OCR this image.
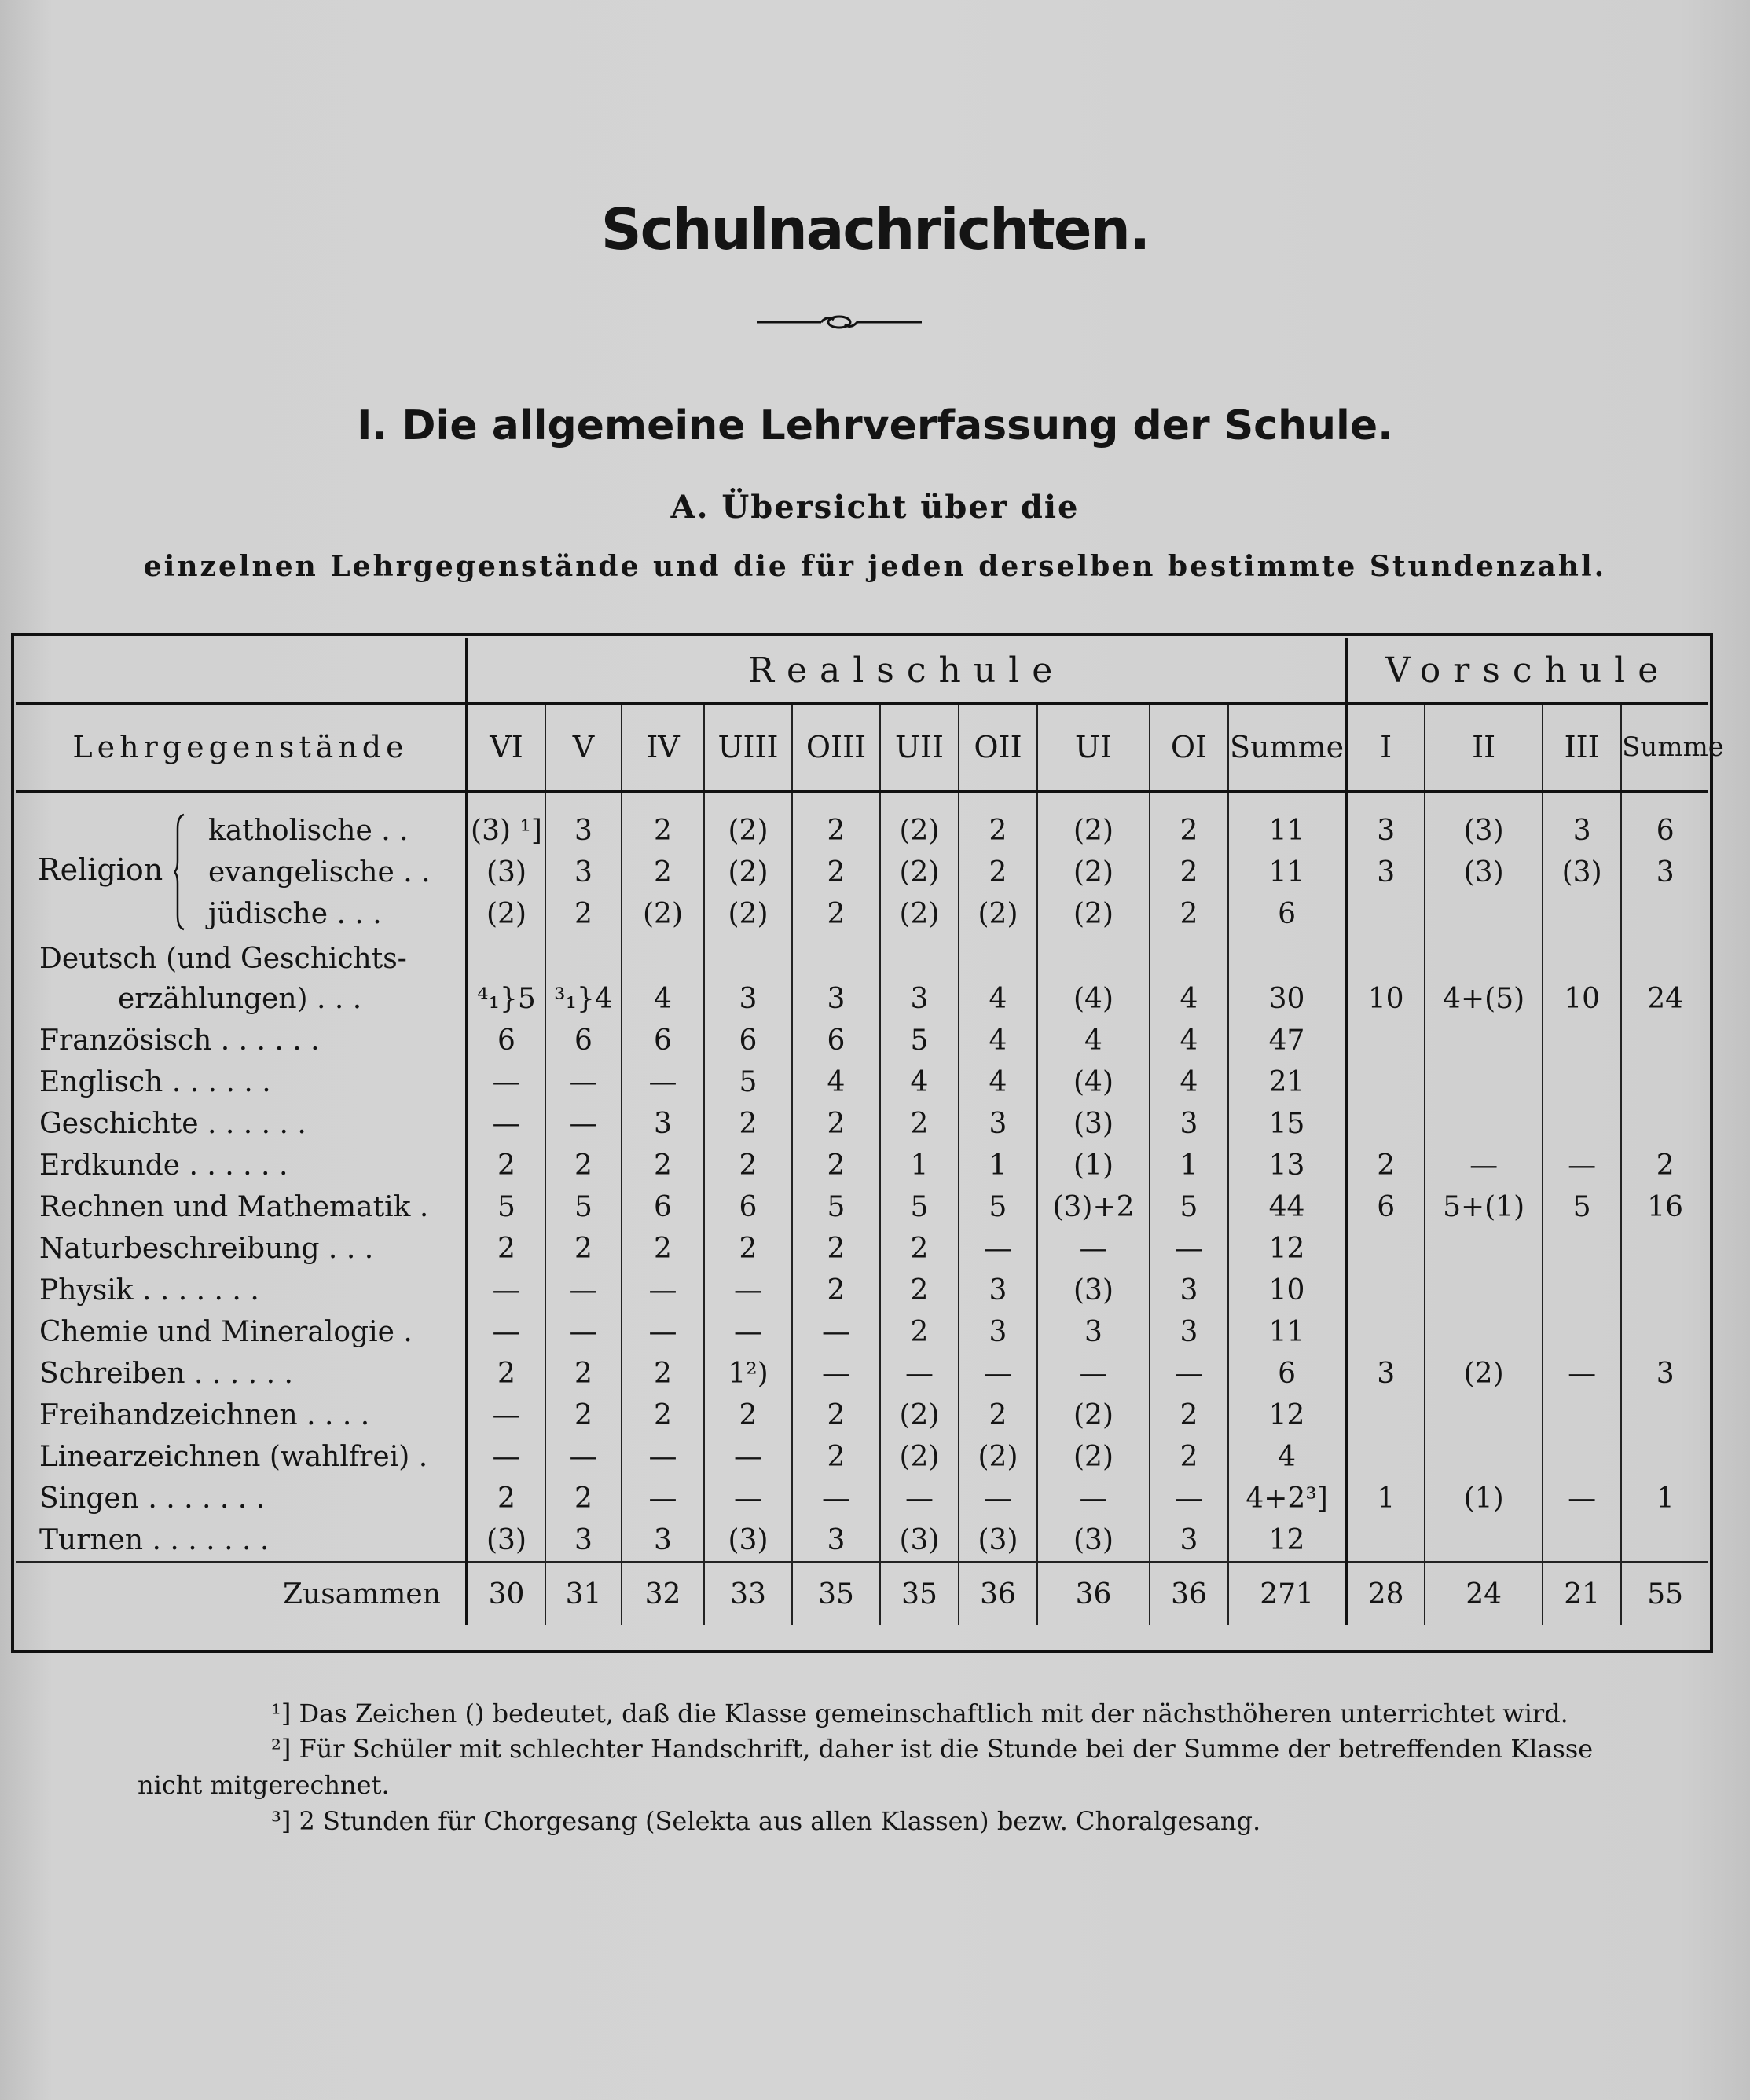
Schulnachrichten.
I. Die allgemeine Lehrverfassung der Schule.
A. Übersicht über die
einzelnen Lehrgegenstände und die für jeden derselben bestimmte Stundenzahl.
	Realschule										Vorschule			
Lehrgegenstände	VI	V	IV	UIII	OIII	UII	OII	UI	OI	Summe	I	II	III	Summe
katholische . .	(3) ¹]	3	2	(2)	2	(2)	2	(2)	2	11	3	(3)	3	6
evangelische . .	(3)	3	2	(2)	2	(2)	2	(2)	2	11	3	(3)	(3)	3
jüdische . . .	(2)	2	(2)	(2)	2	(2)	(2)	(2)	2	6				

Deutsch (und Geschichts-
erzählungen) . . .	⁴₁}5	³₁}4	4	3	3	3	4	(4)	4	30	10	4+(5)	10	24
Französisch . . . . . .	6	6	6	6	6	5	4	4	4	47				
Englisch . . . . . .	—	—	—	5	4	4	4	(4)	4	21				
Geschichte . . . . . .	—	—	3	2	2	2	3	(3)	3	15				
Erdkunde . . . . . .	2	2	2	2	2	1	1	(1)	1	13	2	—	—	2
Rechnen und Mathematik .	5	5	6	6	5	5	5	(3)+2	5	44	6	5+(1)	5	16
Naturbeschreibung . . .	2	2	2	2	2	2	—	—	—	12				
Physik . . . . . . .	—	—	—	—	2	2	3	(3)	3	10				
Chemie und Mineralogie .	—	—	—	—	—	2	3	3	3	11				
Schreiben . . . . . .	2	2	2	1²)	—	—	—	—	—	6	3	(2)	—	3
Freihandzeichnen . . . .	—	2	2	2	2	(2)	2	(2)	2	12				
Linearzeichnen (wahlfrei) .	—	—	—	—	2	(2)	(2)	(2)	2	4				
Singen . . . . . . .	2	2	—	—	—	—	—	—	—	4+2³]	1	(1)	—	1
Turnen . . . . . . .	(3)	3	3	(3)	3	(3)	(3)	(3)	3	12				
Zusammen	30	31	32	33	35	35	36	36	36	271	28	24	21	55
Religion
¹] Das Zeichen () bedeutet, daß die Klasse gemeinschaftlich mit der nächsthöheren unterrichtet wird.
²] Für Schüler mit schlechter Handschrift, daher ist die Stunde bei der Summe der betreffenden Klasse
nicht mitgerechnet.
³] 2 Stunden für Chorgesang (Selekta aus allen Klassen) bezw. Choralgesang.
